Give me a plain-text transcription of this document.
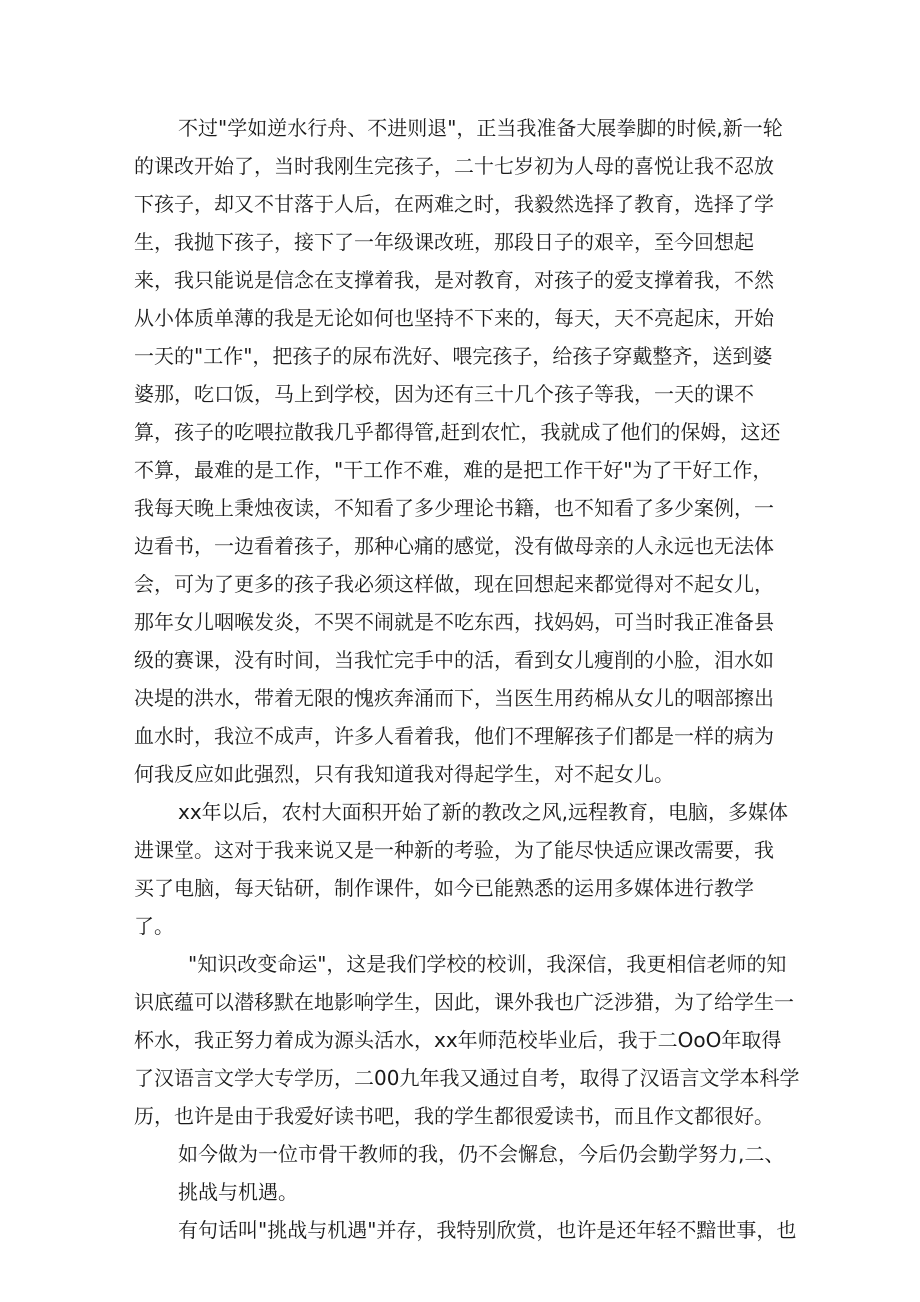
不过"学如逆水行舟、不进则退"，正当我准备大展拳脚的时候,新一轮
的课改开始了，当时我刚生完孩子，二十七岁初为人母的喜悦让我不忍放
下孩子，却又不甘落于人后，在两难之时，我毅然选择了教育，选择了学
生，我抛下孩子，接下了一年级课改班，那段日子的艰辛，至今回想起
来，我只能说是信念在支撑着我，是对教育，对孩子的爱支撑着我，不然
从小体质单薄的我是无论如何也坚持不下来的，每天，天不亮起床，开始
一天的"工作"，把孩子的尿布洗好、喂完孩子，给孩子穿戴整齐，送到婆
婆那，吃口饭，马上到学校，因为还有三十几个孩子等我，一天的课不
算，孩子的吃喂拉散我几乎都得管,赶到农忙，我就成了他们的保姆，这还
不算，最难的是工作，"干工作不难，难的是把工作干好"为了干好工作，
我每天晚上秉烛夜读，不知看了多少理论书籍，也不知看了多少案例，一
边看书，一边看着孩子，那种心痛的感觉，没有做母亲的人永远也无法体
会，可为了更多的孩子我必须这样做，现在回想起来都觉得对不起女儿，
那年女儿咽喉发炎，不哭不闹就是不吃东西，找妈妈，可当时我正准备县
级的赛课，没有时间，当我忙完手中的活，看到女儿瘦削的小脸，泪水如
决堤的洪水，带着无限的愧疚奔涌而下，当医生用药棉从女儿的咽部擦出
血水时，我泣不成声，许多人看着我，他们不理解孩子们都是一样的病为
何我反应如此强烈，只有我知道我对得起学生，对不起女儿。
xx年以后，农村大面积开始了新的教改之风,远程教育，电脑，多媒体
进课堂。这对于我来说又是一种新的考验，为了能尽快适应课改需要，我
买了电脑，每天钻研，制作课件，如今已能熟悉的运用多媒体进行教学
了。
"知识改变命运"，这是我们学校的校训，我深信，我更相信老师的知
识底蕴可以潜移默在地影响学生，因此，课外我也广泛涉猎，为了给学生一
杯水，我正努力着成为源头活水，xx年师范校毕业后，我于二OoO年取得
了汉语言文学大专学历，二00九年我又通过自考，取得了汉语言文学本科学
历，也许是由于我爱好读书吧，我的学生都很爱读书，而且作文都很好。
如今做为一位市骨干教师的我，仍不会懈怠，今后仍会勤学努力,二、
挑战与机遇。
有句话叫"挑战与机遇"并存，我特别欣赏，也许是还年轻不黯世事，也
